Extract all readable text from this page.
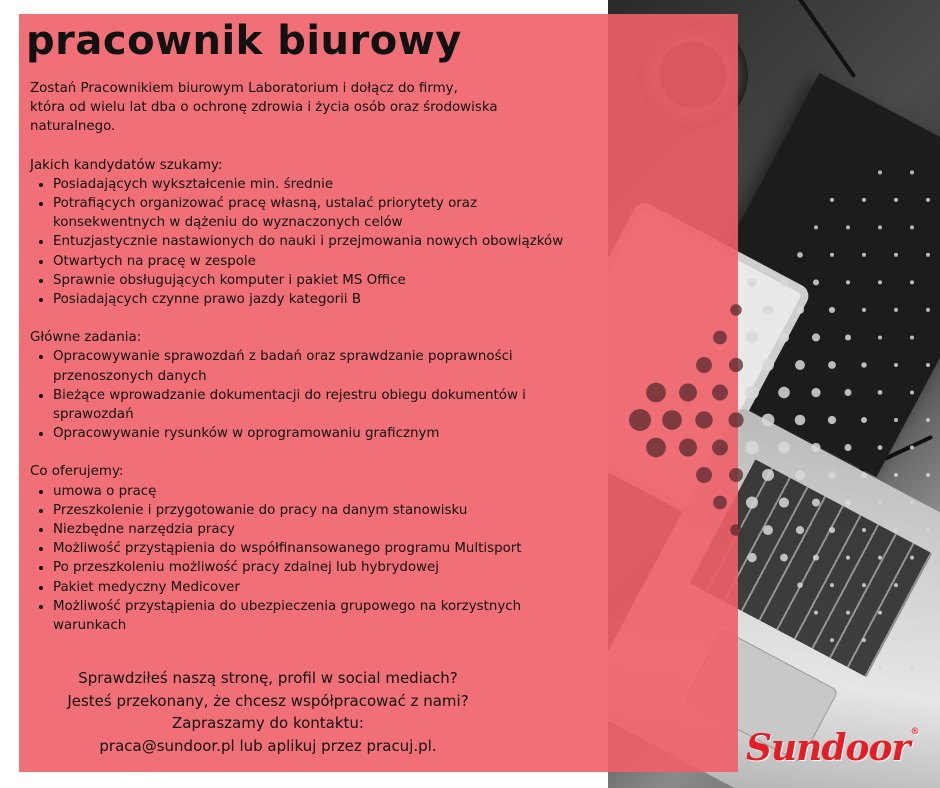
pracownik biurowy

Zostań Pracownikiem biurowym Laboratorium i dołącz do firmy,
która od wielu lat dba o ochronę zdrowia i życia osób oraz środowiska
naturalnego.

Jakich kandydatów szukamy:

• Posiadających wykształcenie min. średnie
• Potrafiących organizować pracę własną, ustalać priorytety oraz konsekwentnych w dążeniu do wyznaczonych celów
• Entuzjastycznie nastawionych do nauki i przejmowania nowych obowiązków
• Otwartych na pracę w zespole
• Sprawnie obsługujących komputer i pakiet MS Office
• Posiadających czynne prawo jazdy kategorii B

Główne zadania:

• Opracowywanie sprawozdań z badań oraz sprawdzanie poprawności przenoszonych danych
• Bieżące wprowadzanie dokumentacji do rejestru obiegu dokumentów i sprawozdań
• Opracowywanie rysunków w oprogramowaniu graficznym

Co oferujemy:

• umowa o pracę
• Przeszkolenie i przygotowanie do pracy na danym stanowisku
• Niezbędne narzędzia pracy
• Możliwość przystąpienia do współfinansowanego programu Multisport
• Po przeszkoleniu możliwość pracy zdalnej lub hybrydowej
• Pakiet medyczny Medicover
• Możliwość przystąpienia do ubezpieczenia grupowego na korzystnych warunkach
Sprawdziłeś naszą stronę, profil w social mediach?
Jesteś przekonany, że chcesz współpracować z nami?
Zapraszamy do kontaktu:
praca@sundoor.pl lub aplikuj przez pracuj.pl.	Sundoor®
